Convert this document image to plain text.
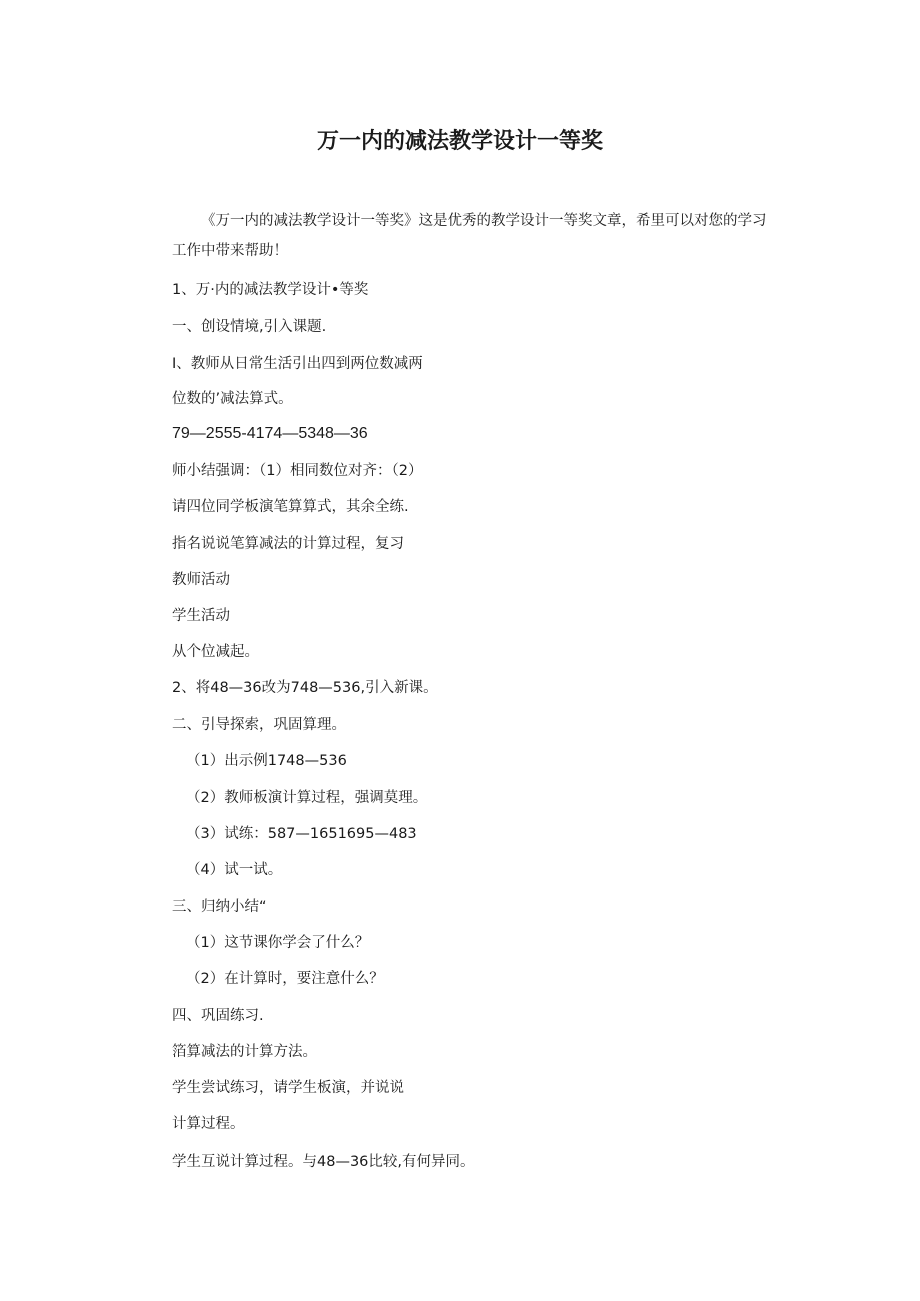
万一内的减法教学设计一等奖

《万一内的减法教学设计一等奖》这是优秀的教学设计一等奖文章，希里可以对您的学习工作中带来帮助！

1、万·内的减法教学设计•等奖

一、创设情境,引入课题.

I、教师从日常生活引出四到两位数减两

位数的’减法算式。

79—2555-4174—5348—36

师小结强调：（1）相同数位对齐：（2）

请四位同学板演笔算算式，其余全练.

指名说说笔算减法的计算过程，复习

教师活动

学生活动

从个位减起。

2、将48—36改为748—536,引入新课。

二、引导探索，巩固算理。

（1）出示例1748—536

（2）教师板演计算过程，强调莫理。

（3）试练：587—1651695—483

（4）试一试。

三、归纳小结“

（1）这节课你学会了什么？

（2）在计算时，要注意什么？

四、巩固练习.

箔算减法的计算方法。

学生尝试练习，请学生板演，并说说

计算过程。

学生互说计算过程。与48—36比较,有何异同。
